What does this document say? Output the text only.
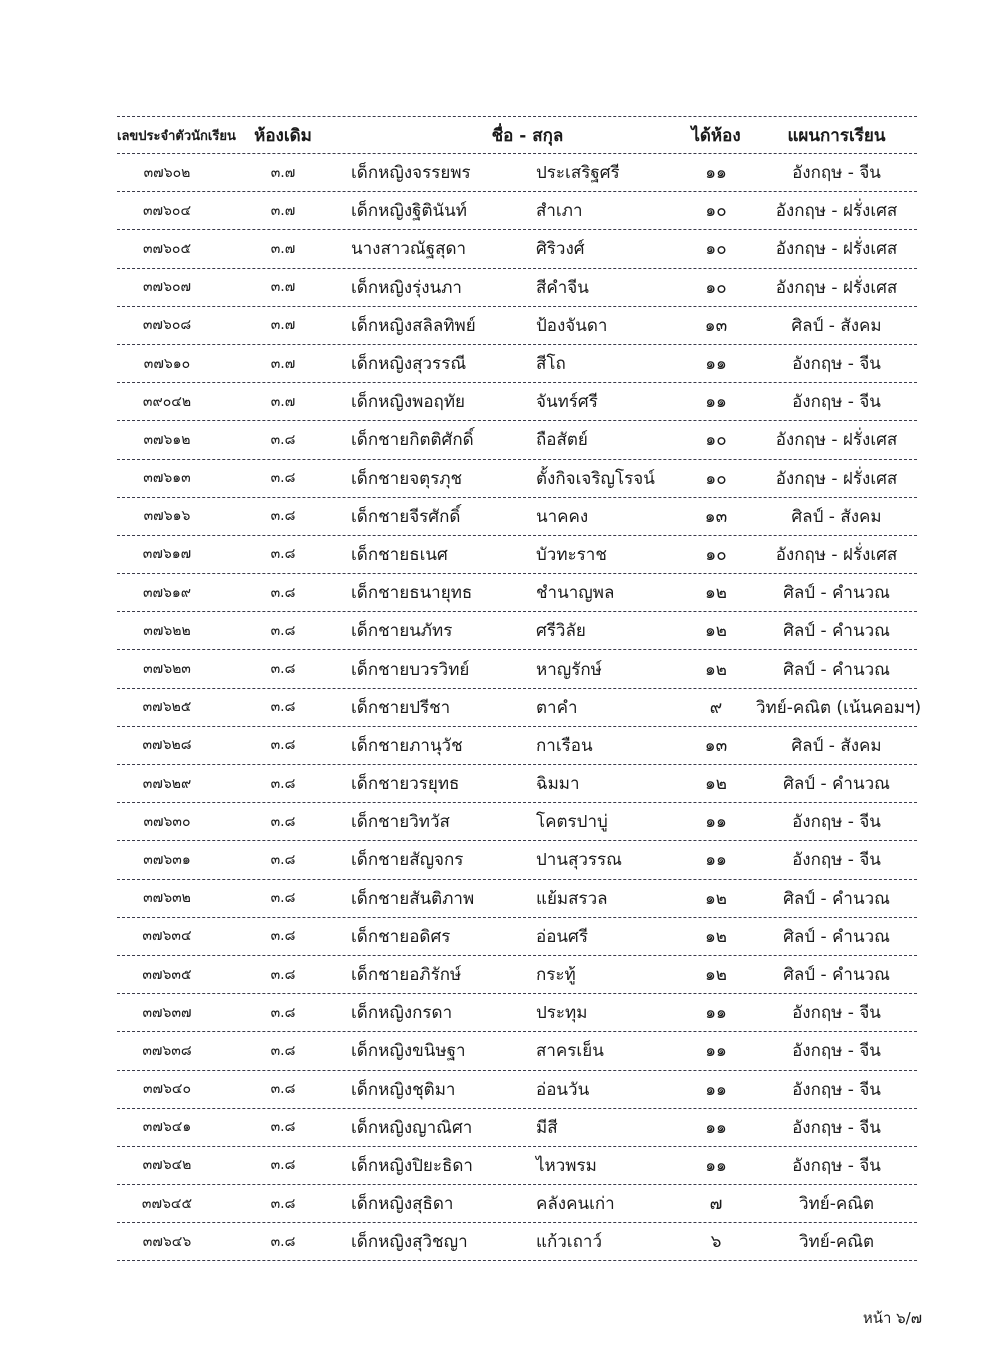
เลขประจำตัวนักเรียน	ห้องเดิม	ชื่อ - สกุล	ได้ห้อง	แผนการเรียน
๓๗๖๐๒	๓.๗	เด็กหญิงจรรยพร	ประเสริฐศรี	๑๑	อังกฤษ - จีน
๓๗๖๐๔	๓.๗	เด็กหญิงฐิตินันท์	สำเภา	๑๐	อังกฤษ - ฝรั่งเศส
๓๗๖๐๕	๓.๗	นางสาวณัฐสุดา	ศิริวงศ์	๑๐	อังกฤษ - ฝรั่งเศส
๓๗๖๐๗	๓.๗	เด็กหญิงรุ่งนภา	สีคำจีน	๑๐	อังกฤษ - ฝรั่งเศส
๓๗๖๐๘	๓.๗	เด็กหญิงสลิลทิพย์	ป้องจันดา	๑๓	ศิลป์ - สังคม
๓๗๖๑๐	๓.๗	เด็กหญิงสุวรรณี	สีโถ	๑๑	อังกฤษ - จีน
๓๙๐๔๒	๓.๗	เด็กหญิงพอฤทัย	จันทร์ศรี	๑๑	อังกฤษ - จีน
๓๗๖๑๒	๓.๘	เด็กชายกิตติศักดิ์	ถือสัตย์	๑๐	อังกฤษ - ฝรั่งเศส
๓๗๖๑๓	๓.๘	เด็กชายจตุรภุช	ตั้งกิจเจริญโรจน์	๑๐	อังกฤษ - ฝรั่งเศส
๓๗๖๑๖	๓.๘	เด็กชายจีรศักดิ์	นาคคง	๑๓	ศิลป์ - สังคม
๓๗๖๑๗	๓.๘	เด็กชายธเนศ	บัวทะราช	๑๐	อังกฤษ - ฝรั่งเศส
๓๗๖๑๙	๓.๘	เด็กชายธนายุทธ	ชำนาญพล	๑๒	ศิลป์ - คำนวณ
๓๗๖๒๒	๓.๘	เด็กชายนภัทร	ศรีวิลัย	๑๒	ศิลป์ - คำนวณ
๓๗๖๒๓	๓.๘	เด็กชายบวรวิทย์	หาญรักษ์	๑๒	ศิลป์ - คำนวณ
๓๗๖๒๕	๓.๘	เด็กชายปรีชา	ตาคำ	๙	วิทย์-คณิต (เน้นคอมฯ)
๓๗๖๒๘	๓.๘	เด็กชายภานุวัช	กาเรือน	๑๓	ศิลป์ - สังคม
๓๗๖๒๙	๓.๘	เด็กชายวรยุทธ	ฉิมมา	๑๒	ศิลป์ - คำนวณ
๓๗๖๓๐	๓.๘	เด็กชายวิทวัส	โคตรปาบู่	๑๑	อังกฤษ - จีน
๓๗๖๓๑	๓.๘	เด็กชายสัญจกร	ปานสุวรรณ	๑๑	อังกฤษ - จีน
๓๗๖๓๒	๓.๘	เด็กชายสันติภาพ	แย้มสรวล	๑๒	ศิลป์ - คำนวณ
๓๗๖๓๔	๓.๘	เด็กชายอดิศร	อ่อนศรี	๑๒	ศิลป์ - คำนวณ
๓๗๖๓๕	๓.๘	เด็กชายอภิรักษ์	กระทู้	๑๒	ศิลป์ - คำนวณ
๓๗๖๓๗	๓.๘	เด็กหญิงกรดา	ประทุม	๑๑	อังกฤษ - จีน
๓๗๖๓๘	๓.๘	เด็กหญิงขนิษฐา	สาครเย็น	๑๑	อังกฤษ - จีน
๓๗๖๔๐	๓.๘	เด็กหญิงชุติมา	อ่อนวัน	๑๑	อังกฤษ - จีน
๓๗๖๔๑	๓.๘	เด็กหญิงญาณิศา	มีสี	๑๑	อังกฤษ - จีน
๓๗๖๔๒	๓.๘	เด็กหญิงปิยะธิดา	ไหวพรม	๑๑	อังกฤษ - จีน
๓๗๖๔๕	๓.๘	เด็กหญิงสุธิดา	คลังคนเก่า	๗	วิทย์-คณิต
๓๗๖๔๖	๓.๘	เด็กหญิงสุวิชญา	แก้วเถาว์	๖	วิทย์-คณิต
หน้า ๖/๗
